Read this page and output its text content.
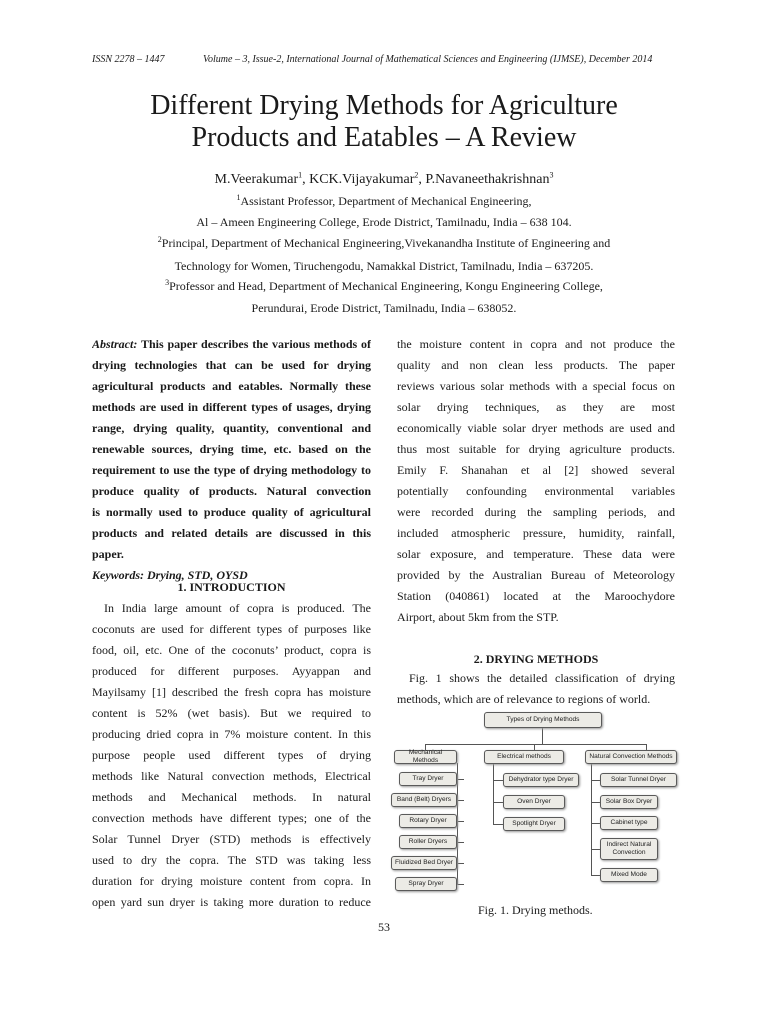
ISSN 2278 – 1447	Volume – 3, Issue-2, International Journal of Mathematical Sciences and Engineering (IJMSE), December 2014
Different Drying Methods for Agriculture
Products and Eatables – A Review
M.Veerakumar$^1$, KCK.Vijayakumar$^2$, P.Navaneethakrishnan$^3$
$^1$Assistant Professor, Department of Mechanical Engineering,
Al – Ameen Engineering College, Erode District, Tamilnadu, India – 638 104.
$^2$Principal, Department of Mechanical Engineering,Vivekanandha Institute of Engineering and
Technology for Women, Tiruchengodu, Namakkal District, Tamilnadu, India – 637205.
$^3$Professor and Head, Department of Mechanical Engineering, Kongu Engineering College,
Perundurai, Erode District, Tamilnadu, India – 638052.
Abstract: This paper describes the various methods of
drying technologies that can be used for drying
agricultural products and eatables. Normally these
methods are used in different types of usages, drying
range, drying quality, quantity, conventional and
renewable sources, drying time, etc. based on the
requirement to use the type of drying methodology to
produce quality of products. Natural convection
is normally used to produce quality of agricultural
products and related details are discussed in this
paper.
Keywords: Drying, STD, OYSD
1. INTRODUCTION
In India large amount of copra is produced. The
coconuts are used for different types of purposes like
food, oil, etc. One of the coconuts’ product, copra is
produced for different purposes. Ayyappan and
Mayilsamy [1] described the fresh copra has moisture
content is 52% (wet basis). But we required to
producing dried copra in 7% moisture content. In this
purpose people used different types of drying
methods like Natural convection methods, Electrical
methods and Mechanical methods. In natural
convection methods have different types; one of the
Solar Tunnel Dryer (STD) methods is effectively
used to dry the copra. The STD was taking less
duration for drying moisture content from copra. In
open yard sun dryer is taking more duration to reduce
the moisture content in copra and not produce the
quality and non clean less products. The paper
reviews various solar methods with a special focus on
solar drying techniques, as they are most
economically viable solar dryer methods are used and
thus most suitable for drying agriculture products.
Emily F. Shanahan et al [2] showed several
potentially confounding environmental variables
were recorded during the sampling periods, and
included atmospheric pressure, humidity, rainfall,
solar exposure, and temperature. These data were
provided by the Australian Bureau of Meteorology
Station (040861) located at the Maroochydore
Airport, about 5km from the STP.
2. DRYING METHODS
Fig. 1 shows the detailed classification of drying
methods, which are of relevance to regions of world.
Types of Drying Methods
Mechanical Methods
Electrical methods	Natural Convection Methods
Tray Dryer
Band (Belt) Dryers
Rotary Dryer
Roller Dryers
Fluidized Bed Dryer
Spray Dryer
Dehydrator type Dryer
Oven Dryer
Spotlight Dryer
Solar Tunnel Dryer
Solar Box Dryer
Cabinet type
Indirect Natural Convection
Mixed Mode
Fig. 1. Drying methods.
53
